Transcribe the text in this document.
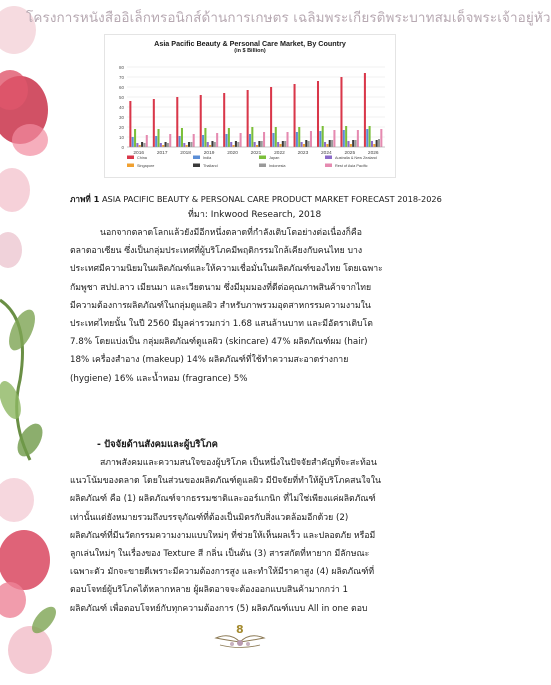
โครงการหนังสืออิเล็กทรอนิกส์ด้านการเกษตร เฉลิมพระเกียรติพระบาทสมเด็จพระเจ้าอยู่หัว
Asia Pacific Beauty & Personal Care Market, By Country
(in $ Billion)
0
10
20
30
40
50
60
70
80
2016	2017	2018	2019	2020	2021	2022	2023	2024	2025	2026
China	India	Japan	Australia & New Zealand
Singapore	Thailand	Indonesia	Rest of Asia Pacific
ภาพที่ 1 ASIA PACIFIC BEAUTY & PERSONAL CARE PRODUCT MARKET FORECAST 2018-2026
ที่มา: Inkwood Research, 2018
นอกจากตลาดโลกแล้วยังมีอีกหนึ่งตลาดที่กำลังเติบโตอย่างต่อเนื่องก็คือ
ตลาดอาเซียน ซึ่งเป็นกลุ่มประเทศที่ผู้บริโภคมีพฤติกรรมใกล้เคียงกับคนไทย บาง
ประเทศมีความนิยมในผลิตภัณฑ์และให้ความเชื่อมั่นในผลิตภัณฑ์ของไทย โดยเฉพาะ
กัมพูชา สปป.ลาว เมียนมา และเวียดนาม ซึ่งมีมุมมองที่ดีต่อคุณภาพสินค้าจากไทย
มีความต้องการผลิตภัณฑ์ในกลุ่มดูแลผิว สำหรับภาพรวมอุตสาหกรรมความงามใน
ประเทศไทยนั้น ในปี 2560 มีมูลค่ารวมกว่า 1.68 แสนล้านบาท และมีอัตราเติบโต
7.8% โดยแบ่งเป็น กลุ่มผลิตภัณฑ์ดูแลผิว (skincare) 47% ผลิตภัณฑ์ผม (hair)
18% เครื่องสำอาง (makeup) 14% ผลิตภัณฑ์ที่ใช้ทำความสะอาดร่างกาย
(hygiene) 16% และน้ำหอม (fragrance) 5%
- ปัจจัยด้านสังคมและผู้บริโภค
สภาพสังคมและความสนใจของผู้บริโภค เป็นหนึ่งในปัจจัยสำคัญที่จะสะท้อน
แนวโน้มของตลาด โดยในส่วนของผลิตภัณฑ์ดูแลผิว มีปัจจัยที่ทำให้ผู้บริโภคสนใจใน
ผลิตภัณฑ์ คือ (1) ผลิตภัณฑ์จากธรรมชาติและออร์แกนิก ที่ไม่ใช่เพียงแค่ผลิตภัณฑ์
เท่านั้นแต่ยังหมายรวมถึงบรรจุภัณฑ์ที่ต้องเป็นมิตรกับสิ่งแวดล้อมอีกด้วย (2)
ผลิตภัณฑ์ที่มีนวัตกรรมความงามแบบใหม่ๆ ที่ช่วยให้เห็นผลเร็ว และปลอดภัย หรือมี
ลูกเล่นใหม่ๆ ในเรื่องของ Texture สี กลิ่น เป็นต้น (3) สารสกัดที่หายาก มีลักษณะ
เฉพาะตัว มักจะขายดีเพราะมีความต้องการสูง และทำให้มีราคาสูง (4) ผลิตภัณฑ์ที่
ตอบโจทย์ผู้บริโภคได้หลากหลาย ผู้ผลิตอาจจะต้องออกแบบสินค้ามากกว่า 1
ผลิตภัณฑ์ เพื่อตอบโจทย์กับทุกความต้องการ (5) ผลิตภัณฑ์แบบ All in one ตอบ
8
